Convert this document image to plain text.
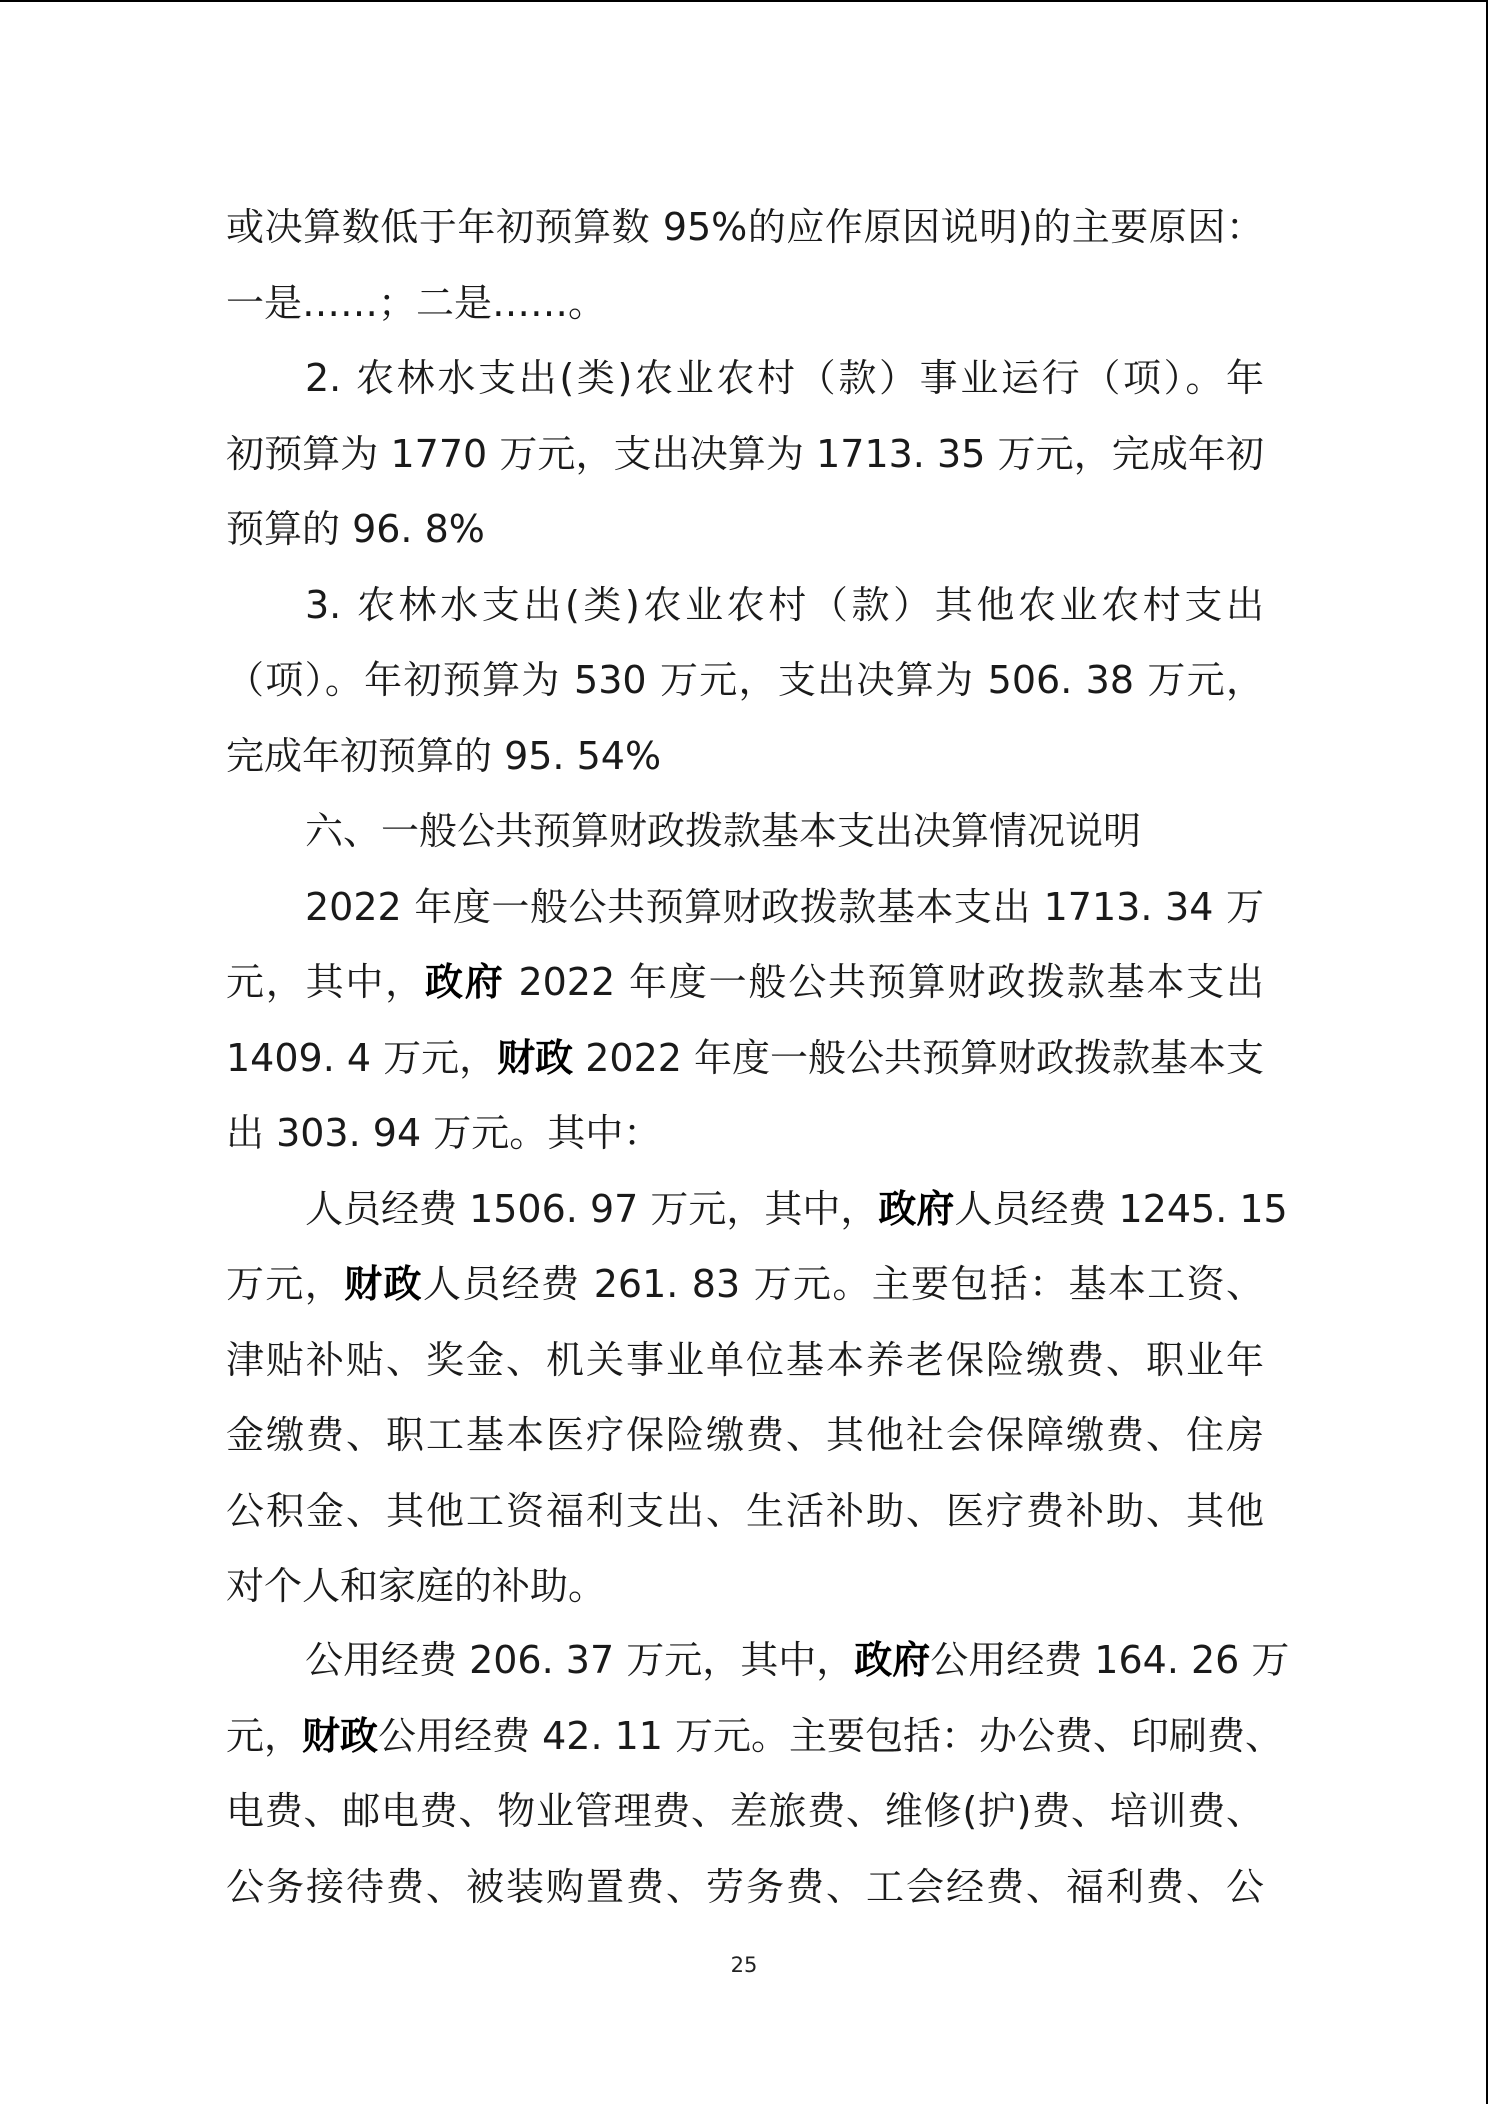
或决算数低于年初预算数 95%的应作原因说明)的主要原因：
一是……；二是……。
2. 农林水支出(类)农业农村（款）事业运行（项）。年
初预算为 1770 万元，支出决算为 1713. 35 万元，完成年初
预算的 96. 8%
3. 农林水支出(类)农业农村（款）其他农业农村支出
（项）。年初预算为 530 万元，支出决算为 506. 38 万元，
完成年初预算的 95. 54%
六、一般公共预算财政拨款基本支出决算情况说明
2022 年度一般公共预算财政拨款基本支出 1713. 34 万
元，其中，政府 2022 年度一般公共预算财政拨款基本支出
1409. 4 万元，财政 2022 年度一般公共预算财政拨款基本支
出 303. 94 万元。其中：
人员经费 1506. 97 万元，其中，政府人员经费 1245. 15
万元，财政人员经费 261. 83 万元。主要包括：基本工资、
津贴补贴、奖金、机关事业单位基本养老保险缴费、职业年
金缴费、职工基本医疗保险缴费、其他社会保障缴费、住房
公积金、其他工资福利支出、生活补助、医疗费补助、其他
对个人和家庭的补助。
公用经费 206. 37 万元，其中，政府公用经费 164. 26 万
元，财政公用经费 42. 11 万元。主要包括：办公费、印刷费、
电费、邮电费、物业管理费、差旅费、维修(护)费、培训费、
公务接待费、被装购置费、劳务费、工会经费、福利费、公
25
